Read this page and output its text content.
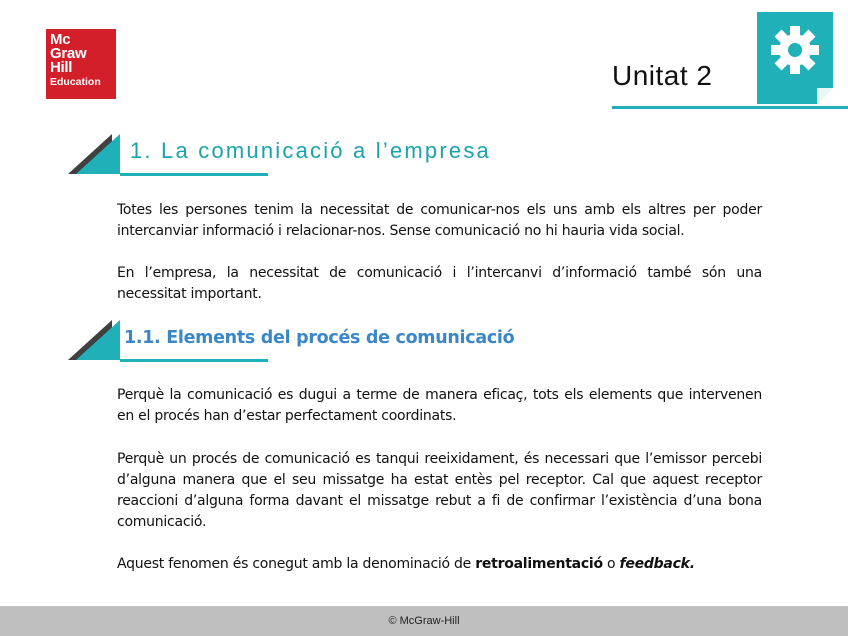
Mc
Graw
Hill
Education	Unitat 2
1. La comunicació a l’empresa

Totes les persones tenim la necessitat de comunicar-nos els uns amb els altres per poder intercanviar informació i relacionar-nos. Sense comunicació no hi hauria vida social.

En l’empresa, la necessitat de comunicació i l’intercanvi d’informació també són una necessitat important.

1.1. Elements del procés de comunicació

Perquè la comunicació es dugui a terme de manera eficaç, tots els elements que intervenen en el procés han d’estar perfectament coordinats.

Perquè un procés de comunicació es tanqui reeixidament, és necessari que l’emissor percebi d’alguna manera que el seu missatge ha estat entès pel receptor. Cal que aquest receptor reaccioni d’alguna forma davant el missatge rebut a fi de confirmar l’existència d’una bona comunicació.

Aquest fenomen és conegut amb la denominació de retroalimentació o feedback.

© McGraw-Hill
